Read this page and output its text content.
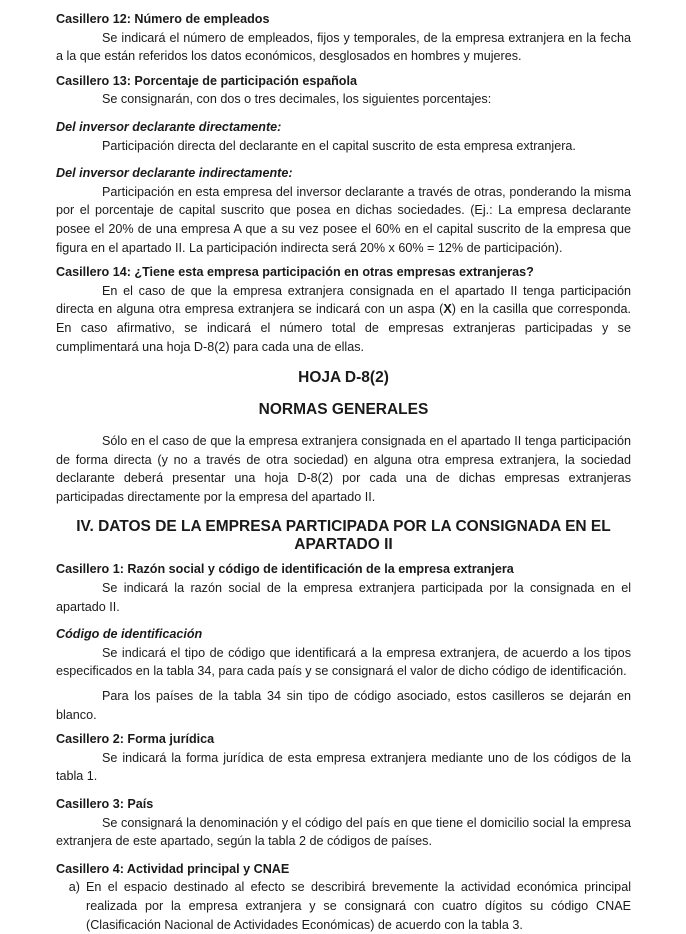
Casillero 12: Número de empleados

Se indicará el número de empleados, fijos y temporales, de la empresa extranjera en la fecha a la que están referidos los datos económicos, desglosados en hombres y mujeres.

Casillero 13: Porcentaje de participación española

Se consignarán, con dos o tres decimales, los siguientes porcentajes:

Del inversor declarante directamente:

Participación directa del declarante en el capital suscrito de esta empresa extranjera.

Del inversor declarante indirectamente:

Participación en esta empresa del inversor declarante a través de otras, ponderando la misma por el porcentaje de capital suscrito que posea en dichas sociedades. (Ej.: La empresa declarante posee el 20% de una empresa A que a su vez posee el 60% en el capital suscrito de la empresa que figura en el apartado II. La participación indirecta será 20% x 60% = 12% de participación).

Casillero 14: ¿Tiene esta empresa participación en otras empresas extranjeras?

En el caso de que la empresa extranjera consignada en el apartado II tenga participación directa en alguna otra empresa extranjera se indicará con un aspa (X) en la casilla que corresponda. En caso afirmativo, se indicará el número total de empresas extranjeras participadas y se cumplimentará una hoja D-8(2) para cada una de ellas.

HOJA D-8(2)

NORMAS GENERALES

Sólo en el caso de que la empresa extranjera consignada en el apartado II tenga participación de forma directa (y no a través de otra sociedad) en alguna otra empresa extranjera, la sociedad declarante deberá presentar una hoja D-8(2) por cada una de dichas empresas extranjeras participadas directamente por la empresa del apartado II.

IV. DATOS DE LA EMPRESA PARTICIPADA POR LA CONSIGNADA EN EL

APARTADO II

Casillero 1: Razón social y código de identificación de la empresa extranjera

Se indicará la razón social de la empresa extranjera participada por la consignada en el apartado II.

Código de identificación

Se indicará el tipo de código que identificará a la empresa extranjera, de acuerdo a los tipos especificados en la tabla 34, para cada país y se consignará el valor de dicho código de identificación.

Para los países de la tabla 34 sin tipo de código asociado, estos casilleros se dejarán en blanco.

Casillero 2: Forma jurídica

Se indicará la forma jurídica de esta empresa extranjera mediante uno de los códigos de la tabla 1.

Casillero 3: País

Se consignará la denominación y el código del país en que tiene el domicilio social la empresa extranjera de este apartado, según la tabla 2 de códigos de países.

Casillero 4: Actividad principal y CNAE

a) En el espacio destinado al efecto se describirá brevemente la actividad económica principal realizada por la empresa extranjera y se consignará con cuatro dígitos su código CNAE (Clasificación Nacional de Actividades Económicas) de acuerdo con la tabla 3.
